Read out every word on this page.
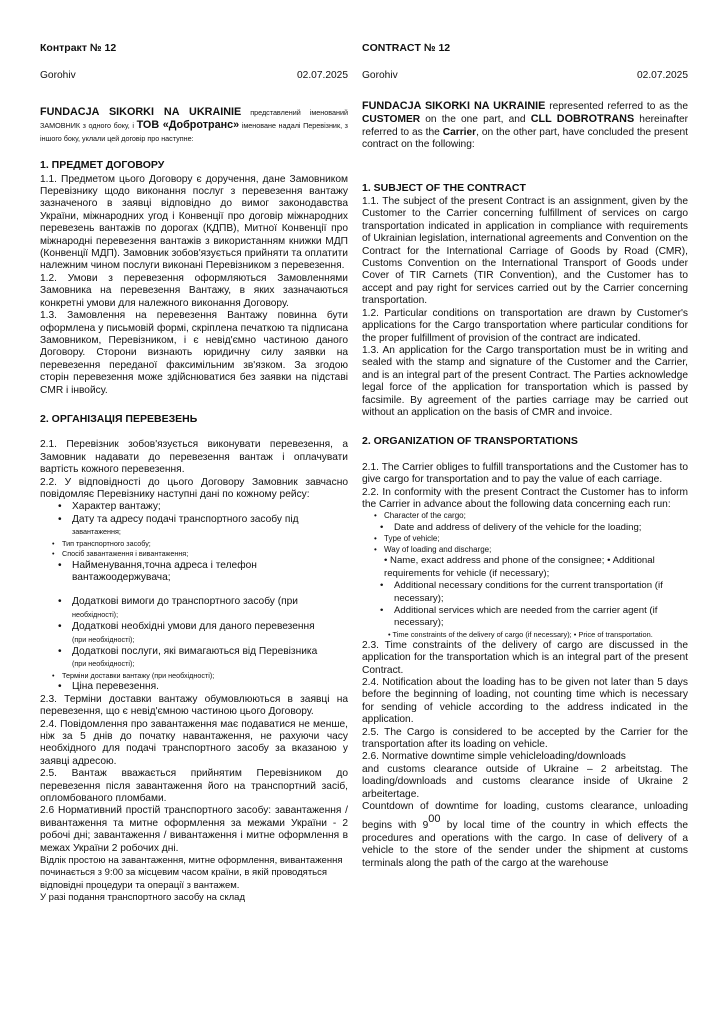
Контракт № 12
Gorohiv	02.07.2025

FUNDACJA SIKORKI NA UKRAINIE представлений іменований ЗАМОВНИК з одного боку, і ТОВ «Добротранс» іменоване надалі Перевізник, з іншого боку, уклали цей договір про наступне:

1. ПРЕДМЕТ ДОГОВОРУ

1.1. Предметом цього Договору є доручення, дане Замовником Перевізнику щодо виконання послуг з перевезення вантажу зазначеного в заявці відповідно до вимог законодавства України, міжнародних угод і Конвенції про договір міжнародних перевезень вантажів по дорогах (КДПВ), Митної Конвенції про міжнародні перевезення вантажів з використанням книжки МДП (Конвенції МДП). Замовник зобов'язується прийняти та оплатити належним чином послуги виконані Перевізником з перевезення.

1.2. Умови з перевезення оформляються Замовленнями Замовника на перевезення Вантажу, в яких зазначаються конкретні умови для належного виконання Договору.

1.3. Замовлення на перевезення Вантажу повинна бути оформлена у письмовій формі, скріплена печаткою та підписана Замовником, Перевізником, і є невід'ємно частиною даного Договору. Сторони визнають юридичну силу заявки на перевезення переданої факсимільним зв'язком. За згодою сторін перевезення може здійснюватися без заявки на підставі CMR і інвойсу.

2. ОРГАНІЗАЦІЯ ПЕРЕВЕЗЕНЬ

2.1. Перевізник зобов'язується виконувати перевезення, а Замовник надавати до перевезення вантаж і оплачувати вартість кожного перевезення.

2.2. У відповідності до цього Договору Замовник завчасно повідомляє Перевізнику наступні дані по кожному рейсу:

• Характер вантажу;
• Дату та адресу подачі транспортного засобу під
завантаження;
• Тип транспортного засобу;
• Спосіб завантаження і вивантаження;
• Найменування,точна адреса і телефон вантажоодержувача;
• Додаткові вимоги до транспортного засобу (при
необхідності);
• Додаткові необхідні умови для даного перевезення
(при необхідності);
• Додаткові послуги, які вимагаються від Перевізника
(при необхідності);
• Терміни доставки вантажу (при необхідності);
• Ціна перевезення.

2.3. Терміни доставки вантажу обумовлюються в заявці на перевезення, що є невід'ємною частиною цього Договору.

2.4. Повідомлення про завантаження має подаватися не менше, ніж за 5 днів до початку навантаження, не рахуючи часу необхідного для подачі транспортного засобу за вказаною у заявці адресою.

2.5. Вантаж вважається прийнятим Перевізником до перевезення після завантаження його на транспортний засіб, опломбованого пломбами.

2.6 Нормативний простій транспортного засобу: завантаження / вивантаження та митне оформлення за межами України - 2 робочі дні; завантаження / вивантаження і митне оформлення в межах України 2 робочих дні.

Відлік простою на завантаження, митне оформлення, вивантаження починається з 9:00 за місцевим часом країни, в якій проводяться відповідні процедури та операції з вантажем.

У разі подання транспортного засобу на склад

CONTRACT № 12
Gorohiv	02.07.2025

FUNDACJA SIKORKI NA UKRAINIE represented referred to as the CUSTOMER on the one part, and CLL DOBROTRANS hereinafter referred to as the Carrier, on the other part, have concluded the present contract on the following:

1. SUBJECT OF THE CONTRACT

1.1. The subject of the present Contract is an assignment, given by the Customer to the Carrier concerning fulfillment of services on cargo transportation indicated in application in compliance with requirements of Ukrainian legislation, international agreements and Convention on the Contract for the International Carriage of Goods by Road (CMR), Customs Convention on the International Transport of Goods under Cover of TIR Carnets (TIR Convention), and the Customer has to accept and pay right for services carried out by the Carrier concerning transportation.

1.2. Particular conditions on transportation are drawn by Customer's applications for the Cargo transportation where particular conditions for the proper fulfillment of provision of the contract are indicated.

1.3. An application for the Cargo transportation must be in writing and sealed with the stamp and signature of the Customer and the Carrier, and is an integral part of the present Contract. The Parties acknowledge legal force of the application for transportation which is passed by facsimile. By agreement of the parties carriage may be carried out without an application on the basis of CMR and invoice.

2. ORGANIZATION OF TRANSPORTATIONS

2.1. The Carrier obliges to fulfill transportations and the Customer has to give cargo for transportation and to pay the value of each carriage.

2.2. In conformity with the present Contract the Customer has to inform the Carrier in advance about the following data concerning each run:

• Character of the cargo;
• Date and address of delivery of the vehicle for the loading;
• Type of vehicle;
• Way of loading and discharge;

• Name, exact address and phone of the consignee; • Additional requirements for vehicle (if necessary);

• Additional necessary conditions for the current transportation (if necessary);
• Additional services which are needed from the carrier agent (if necessary);

• Time constraints of the delivery of cargo (if necessary); • Price of transportation.

2.3. Time constraints of the delivery of cargo are discussed in the application for the transportation which is an integral part of the present Contract.

2.4. Notification about the loading has to be given not later than 5 days before the beginning of loading, not counting time which is necessary for sending of vehicle according to the address indicated in the application.

2.5. The Cargo is considered to be accepted by the Carrier for the transportation after its loading on vehicle.

2.6. Normative downtime simple vehicleloading/downloads

and customs clearance outside of Ukraine – 2 arbeitstag. The loading/downloads and customs clearance inside of Ukraine 2 arbeitertage.

Countdown of downtime for loading, customs clearance, unloading begins with 900 by local time of the country in which effects the procedures and operations with the cargo. In case of delivery of a vehicle to the store of the sender under the shipment at customs terminals along the path of the cargo at the warehouse
